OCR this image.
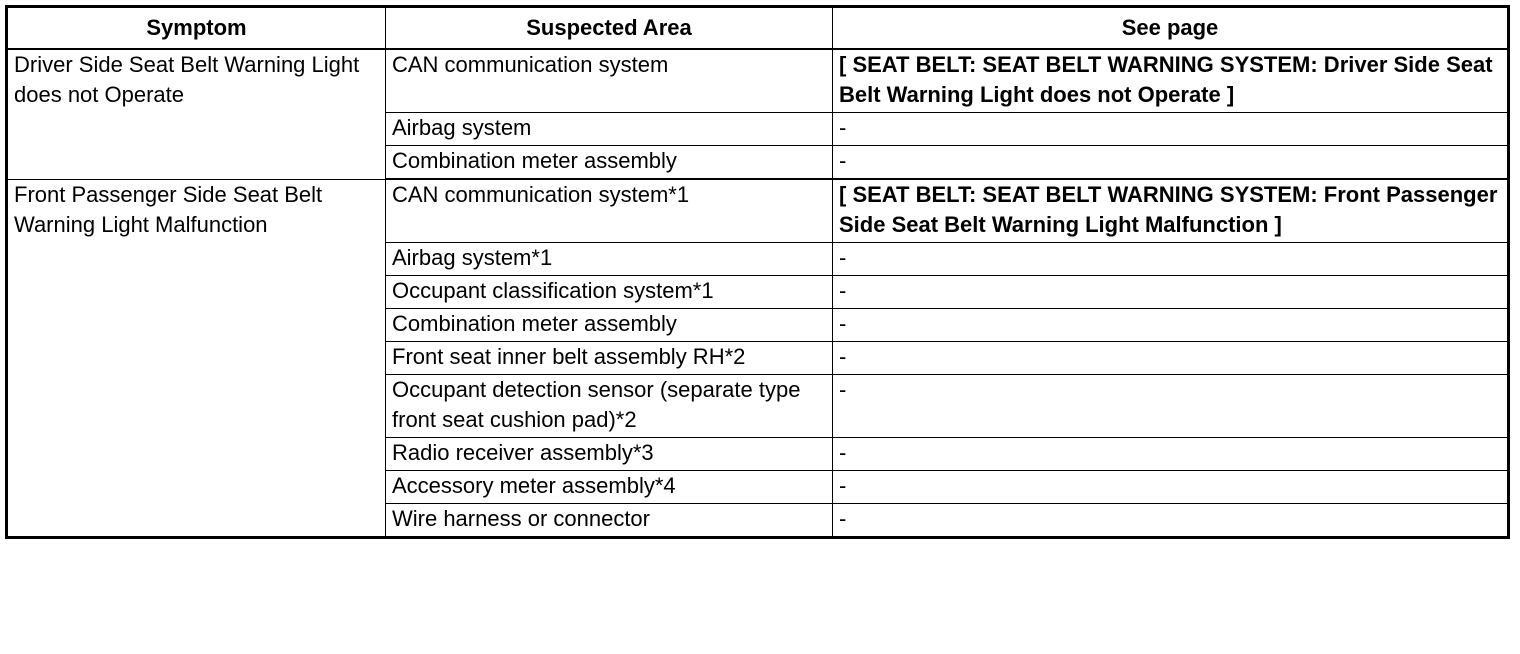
Symptom	Suspected Area	See page
Driver Side Seat Belt Warning Light does not Operate	CAN communication system	[ SEAT BELT: SEAT BELT WARNING SYSTEM: Driver Side Seat Belt Warning Light does not Operate ]
	Airbag system	-
	Combination meter assembly	-
Front Passenger Side Seat Belt Warning Light Malfunction	CAN communication system*1	[ SEAT BELT: SEAT BELT WARNING SYSTEM: Front Passenger Side Seat Belt Warning Light Malfunction ]
	Airbag system*1	-
	Occupant classification system*1	-
	Combination meter assembly	-
	Front seat inner belt assembly RH*2	-
	Occupant detection sensor (separate type front seat cushion pad)*2	-
	Radio receiver assembly*3	-
	Accessory meter assembly*4	-
	Wire harness or connector	-
